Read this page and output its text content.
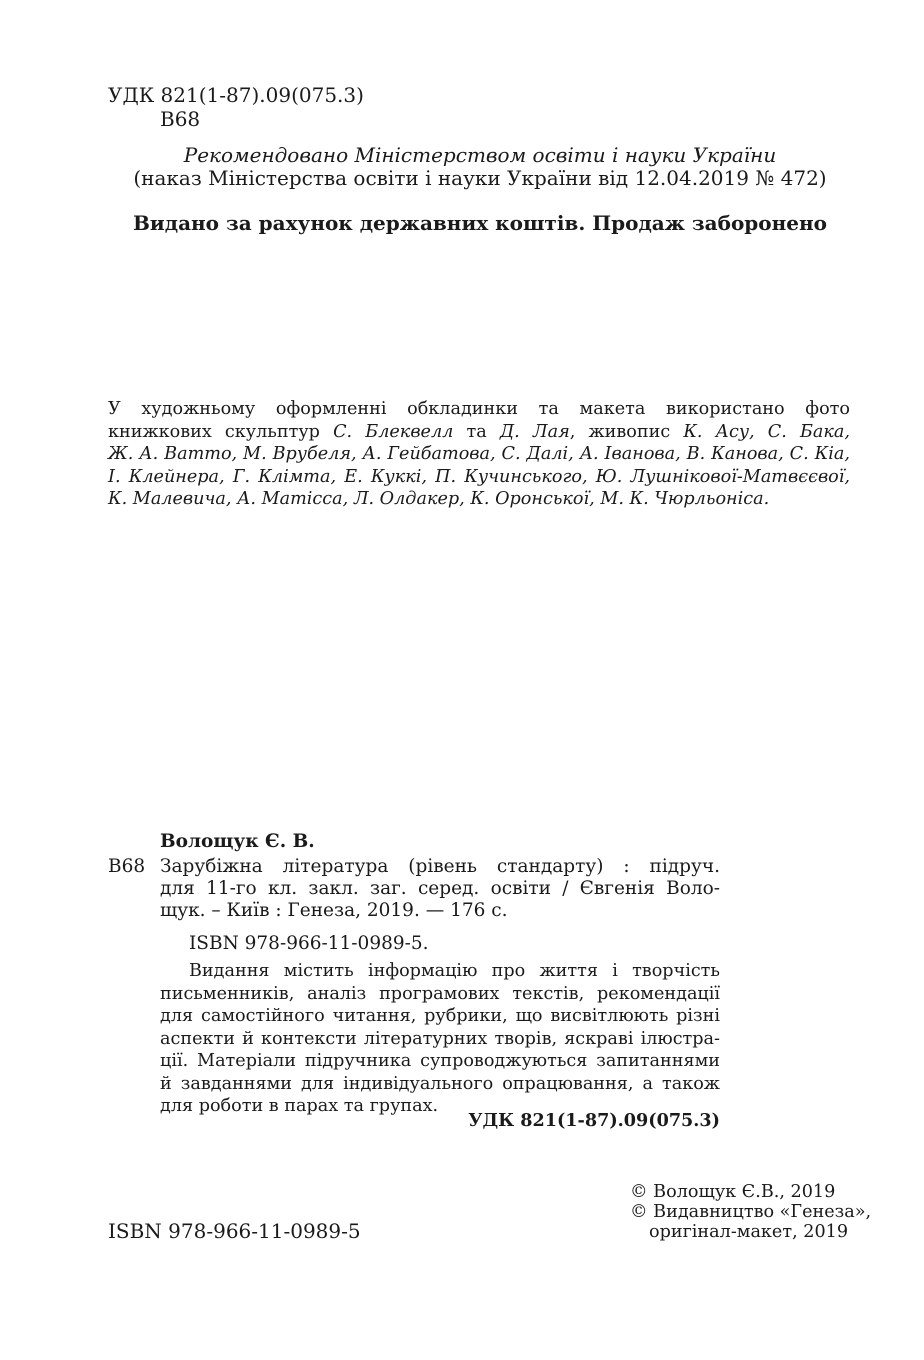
УДК 821(1-87).09(075.3)
В68
Рекомендовано Міністерством освіти і науки України
(наказ Міністерства освіти і науки України від 12.04.2019 № 472)
Видано за рахунок державних коштів. Продаж заборонено
У художньому оформленні обкладинки та макета використано фото
книжкових скульптур С. Блеквелл та Д. Лая, живопис К. Асу, С. Бака,
Ж. А. Ватто, М. Врубеля, А. Гейбатова, С. Далі, А. Іванова, В. Канова, С. Кіа,
І. Клейнера, Г. Клімта, Е. Куккі, П. Кучинського, Ю. Лушнікової-Матвєєвої,
К. Малевича, А. Матісса, Л. Олдакер, К. Оронської, М. К. Чюрльоніса.
Волощук Є. В.
В68 Зарубіжна література (рівень стандарту) : підруч.
для 11-го кл. закл. заг. серед. освіти / Євгенія Воло-
щук. – Київ : Генеза, 2019. — 176 с.
ISBN 978-966-11-0989-5.
Видання містить інформацію про життя і творчість
письменників, аналіз програмових текстів, рекомендації
для самостійного читання, рубрики, що висвітлюють різні
аспекти й контексти літературних творів, яскраві ілюстра-
ції. Матеріали підручника супроводжуються запитаннями
й завданнями для індивідуального опрацювання, а також
для роботи в парах та групах.
УДК 821(1-87).09(075.3)
ISBN 978-966-11-0989-5
© Волощук Є.В., 2019
© Видавництво «Генеза»,
оригінал-макет, 2019
